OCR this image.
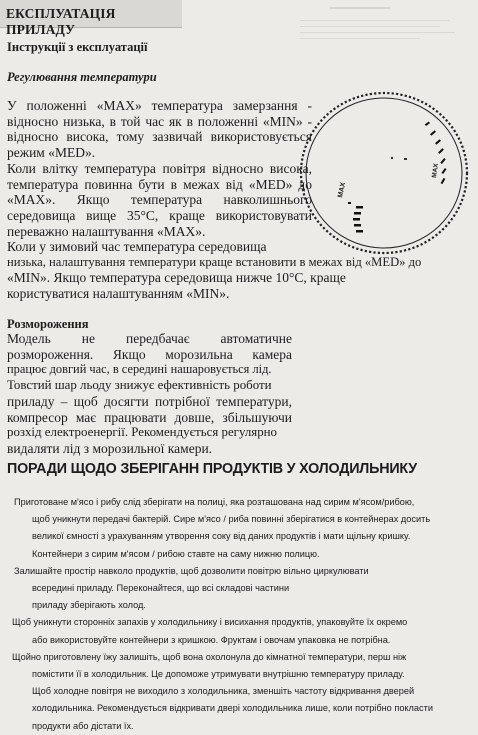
ЕКСПЛУАТАЦІЯ ПРИЛАДУ
Інструкції з експлуатації
Регулювання температури
У положенні «MAX» температура замерзання -
відносно низька, в той час як в положенні «MIN» -
відносно висока, тому зазвичай використовується
режим «MED».
Коли влітку температура повітря відносно висока,
температура повинна бути в межах від «MED» до
«MAX». Якщо температура навколишнього
середовища вище 35°С, краще використовувати
переважно налаштування «MAX».
Коли у зимовий час температура середовища
низька, налаштування температури краще встановити в межах від «MED» до
«MIN». Якщо температура середовища нижче 10°С, краще
користуватися налаштуванням «MIN».
MAX
MAX
Розмороження
Модель не передбачає автоматичне
розмороження. Якщо морозильна камера
працює довгий час, в середині нашаровується лід.
Товстий шар льоду знижує ефективність роботи
приладу – щоб досягти потрібної температури,
компресор має працювати довше, збільшуючи
розхід електроенергії. Рекомендується регулярно
видаляти лід з морозильної камери.
ПОРАДИ ЩОДО ЗБЕРІГАНН ПРОДУКТІВ У ХОЛОДИЛЬНИКУ
Приготоване м'ясо і рибу слід зберігати на полиці, яка розташована над сирим м'ясом/рибою,
щоб уникнути передачі бактерій. Сире м'ясо / риба повинні зберігатися в контейнерах досить
великої ємності з урахуванням утворення соку від даних продуктів і мати щільну кришку.
Контейнери з сирим м'ясом / рибою ставте на саму нижню полицю.
Залишайте простір навколо продуктів, щоб дозволити повітрю вільно циркулювати
всередині приладу. Переконайтеся, що всі складові частини
приладу зберігають холод.
Щоб уникнути сторонніх запахів у холодильнику і висихання продуктів, упаковуйте їх окремо
або використовуйте контейнери з кришкою. Фруктам і овочам упаковка не потрібна.
Щойно приготовлену їжу залишіть, щоб вона охолонула до кімнатної температури, перш ніж
помістити її в холодильник. Це допоможе утримувати внутрішню температуру приладу.
Щоб холодне повітря не виходило з холодильника, зменшіть частоту відкривання дверей
холодильника. Рекомендується відкривати двері холодильника лише, коли потрібно покласти
продукти або дістати їх.
